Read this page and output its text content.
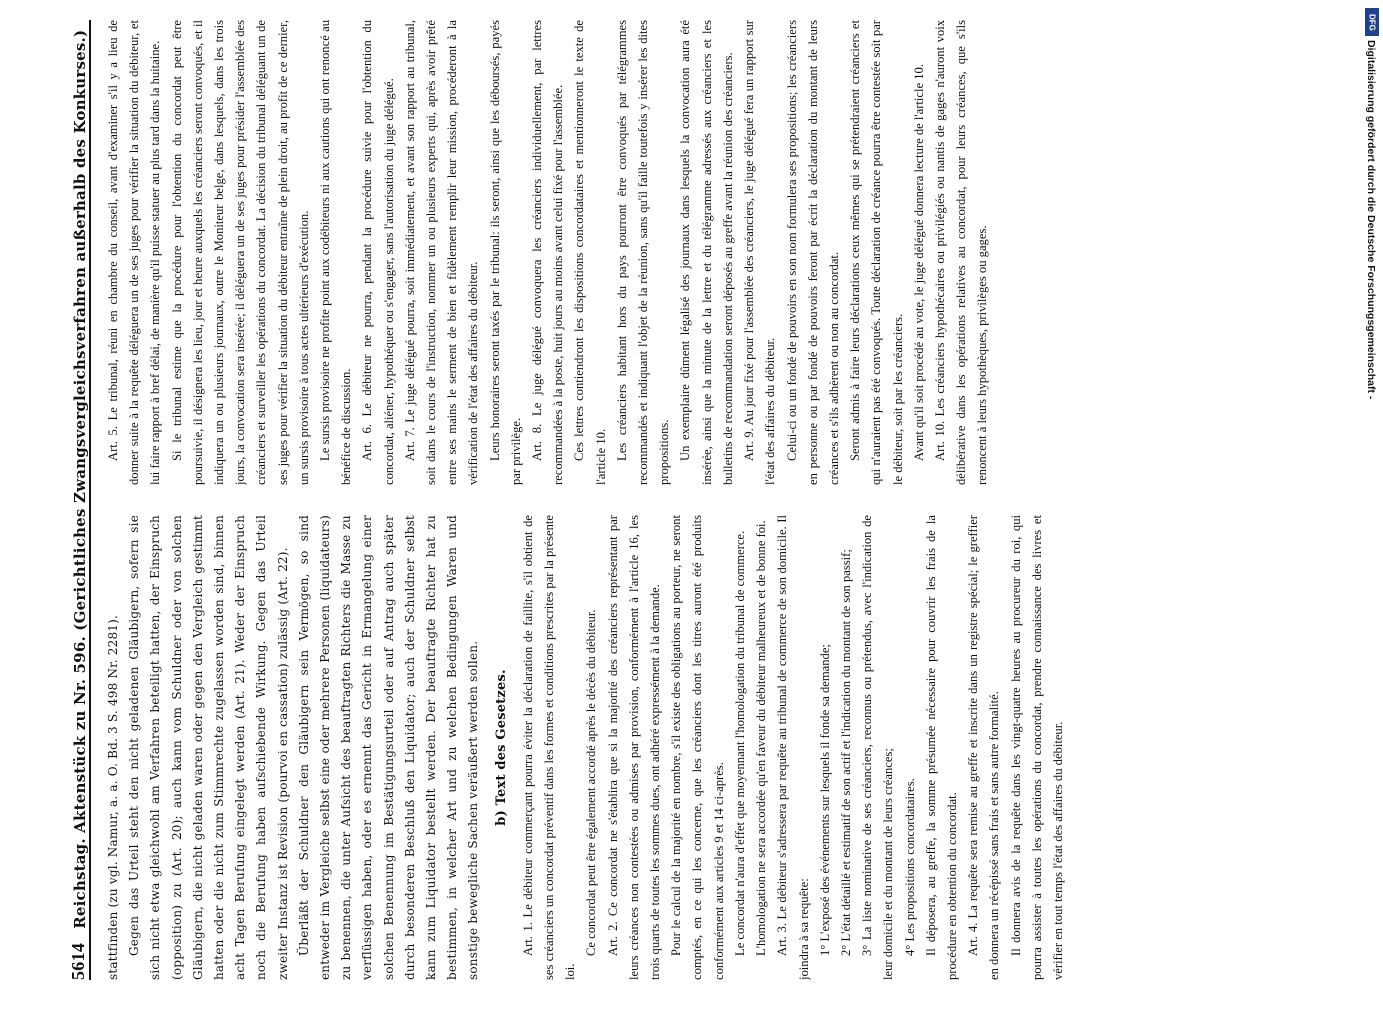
5614
Reichstag. Aktenstück zu Nr. 596. (Gerichtliches Zwangsvergleichsverfahren außerhalb des Konkurses.) stattfinden (zu vgl. Namur, a. a. O. Bd. 3 S. 498 Nr. 2281). Gegen das Urteil steht den nicht geladenen Gläubigern, sofern sie sich nicht etwa gleichwohl am Verfahren beteiligt hatten, der Einspruch (opposition) zu (Art. 20); auch kann vom Schuldner oder von solchen Gläubigern, die nicht geladen waren oder gegen den Vergleich gestimmt hatten oder die nicht zum Stimmrechte zugelassen worden sind, binnen acht Tagen Berufung eingelegt werden (Art. 21). Weder der Einspruch noch die Berufung haben aufschiebende Wirkung. Gegen das Urteil zweiter Instanz ist Revision (pourvoi en cassation) zulässig (Art. 22). Überläßt der Schuldner den Gläubigern sein Vermögen, so sind entweder im Vergleiche selbst eine oder mehrere Personen (liquidateurs) zu benennen, die unter Aufsicht des beauftragten Richters die Masse zu verflüssigen haben, oder es ernennt das Gericht in Ermangelung einer solchen Benennung im Bestätigungsurteil oder auf Antrag auch später durch besonderen Beschluß den Liquidator; auch der Schuldner selbst kann zum Liquidator bestellt werden. Der beauftragte Richter hat zu bestimmen, in welcher Art und zu welchen Bedingungen Waren und sonstige bewegliche Sachen veräußert werden sollen.	b) Text des Gesetzes. Art. 1. Le débiteur commerçant pourra éviter la déclaration de faillite, s'il obtient de ses créanciers un concordat préventif dans les formes et conditions prescrites par la présente loi.

Ce concordat peut être également accordé après le décès du débiteur. Art. 2. Ce concordat ne s'établira que si la majorité des créanciers représentant par leurs créances non contestées ou admises par provision, conformément à l'article 16, les trois quarts de toutes les sommes dues, ont adhéré expressément à la demande. Pour le calcul de la majorité en nombre, s'il existe des obligations au porteur, ne seront comptés, en ce qui les concerne, que les créanciers dont les titres auront été produits conformément aux articles 9 et 14 ci-après. Le concordat n'aura d'effet que moyennant l'homologation du tribunal de commerce. L'homologation ne sera accordée qu'en faveur du débiteur malheureux et de bonne foi. Art. 3. Le débiteur s'adressera par requête au tribunal de commerce de son domicile. Il joindra à sa requête: 1° L'exposé des événements sur lesquels il fonde sa demande; 2° L'état détaillé et estimatif de son actif et l'indication du montant de son passif; 3° La liste nominative de ses créanciers, reconnus ou prétendus, avec l'indication de leur domicile et du montant de leurs créances; 4° Les propositions concordataires. Il déposera, au greffe, la somme présumée nécessaire pour couvrir les frais de la procédure en obtention du concordat. Art. 4. La requête sera remise au greffe et inscrite dans un registre spécial; le greffier en donnera un récépissé sans frais et sans autre formalité. Il donnera avis de la requête dans les vingt-quatre heures au procureur du roi, qui pourra assister à toutes les opérations du concordat, prendre connaissance des livres et vérifier en tout temps l'état des affaires du débiteur.

Art. 5. Le tribunal, réuni en chambre du conseil, avant d'examiner s'il y a lieu de donner suite à la requête déléguera un de ses juges pour vérifier la situation du débiteur, et lui faire rapport à bref délai, de manière qu'il puisse statuer au plus tard dans la huitaine. Si le tribunal estime que la procédure pour l'obtention du concordat peut être poursuivie, il désignera les lieu, jour et heure auxquels les créanciers seront convoqués, et il indiquera un ou plusieurs journaux, outre le Moniteur belge, dans lesquels, dans les trois jours, la convocation sera insérée; il déléguera un de ses juges pour présider l'assemblée des créanciers et surveiller les opérations du concordat. La décision du tribunal déléguant un de ses juges pour vérifier la situation du débiteur entraîne de plein droit, au profit de ce dernier, un sursis provisoire à tous actes ultérieurs d'exécution. Le sursis provisoire ne profite point aux codébiteurs ni aux cautions qui ont renoncé au bénéfice de discussion. Art. 6. Le débiteur ne pourra, pendant la procédure suivie pour l'obtention du concordat, aliéner, hypothéquer ou s'engager, sans l'autorisation du juge délégué. Art. 7. Le juge délégué pourra, soit immédiatement, et avant son rapport au tribunal, soit dans le cours de l'instruction, nommer un ou plusieurs experts qui, après avoir prêté entre ses mains le serment de bien et fidèlement remplir leur mission, procéderont à la vérification de l'état des affaires du débiteur. Leurs honoraires seront taxés par le tribunal: ils seront, ainsi que les déboursés, payés par privilège. Art. 8. Le juge délégué convoquera les créanciers individuellement, par lettres recommandées à la poste, huit jours au moins avant celui fixé pour l'assemblée. Ces lettres contiendront les dispositions concordataires et mentionneront le texte de l'article 10. Les créanciers habitant hors du pays pourront être convoqués par télégrammes recommandés et indiquant l'objet de la réunion, sans qu'il faille toutefois y insérer les dites propositions. Un exemplaire dûment légalisé des journaux dans lesquels la convocation aura été insérée, ainsi que la minute de la lettre et du télégramme adressés aux créanciers et les bulletins de recommandation seront déposés au greffe avant la réunion des créanciers. Art. 9. Au jour fixé pour l'assemblée des créanciers, le juge délégué fera un rapport sur l'état des affaires du débiteur. Celui-ci ou un fondé de pouvoirs en son nom formulera ses propositions; les créanciers en personne ou par fondé de pouvoirs feront par écrit la déclaration du montant de leurs créances et s'ils adhèrent ou non au concordat. Seront admis à faire leurs déclarations ceux mêmes qui se prétendraient créanciers et qui n'auraient pas été convoqués. Toute déclaration de créance pourra être contestée soit par le débiteur, soit par les créanciers. Avant qu'il soit procédé au vote, le juge délégué donnera lecture de l'article 10. Art. 10. Les créanciers hypothécaires ou privilégiés ou nantis de gages n'auront voix délibérative dans les opérations relatives au concordat, pour leurs créances, que s'ils renoncent à leurs hypothèques, privilèges ou gages.

DFG
Digitalisierung gefördert durch die Deutsche Forschungsgemeinschaft -
